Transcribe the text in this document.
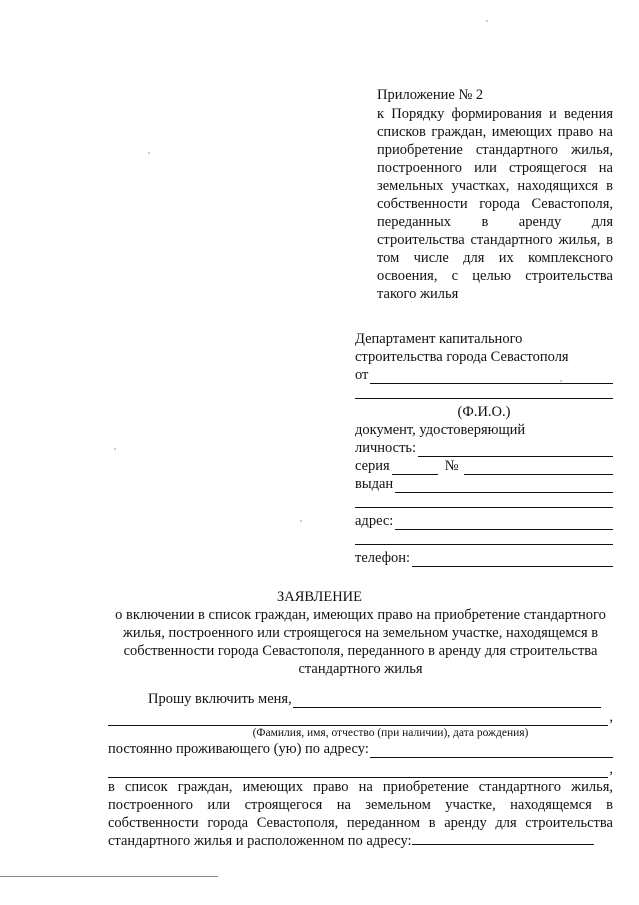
Приложение № 2

к Порядку формирования и ведения списков граждан, имеющих право на приобретение стандартного жилья, построенного или строящегося на земельных участках, находящихся в собственности города Севастополя, переданных в аренду для строительства стандартного жилья, в том числе для их комплексного освоения, с целью строительства такого жилья

Департамент капитального
строительства города Севастополя
от
(Ф.И.О.)
документ, удостоверяющий
личность:
серия	№
выдан
адрес:
телефон:
ЗАЯВЛЕНИЕ
о включении в список граждан, имеющих право на приобретение стандартного жилья, построенного или строящегося на земельном участке, находящемся в собственности города Севастополя, переданного в аренду для строительства стандартного жилья
Прошу включить меня,
,
(Фамилия, имя, отчество (при наличии), дата рождения)
постоянно проживающего (ую) по адресу:
,

в список граждан, имеющих право на приобретение стандартного жилья, построенного или строящегося на земельном участке, находящемся в собственности города Севастополя, переданном в аренду для строительства стандартного жилья и расположенном по адресу:
